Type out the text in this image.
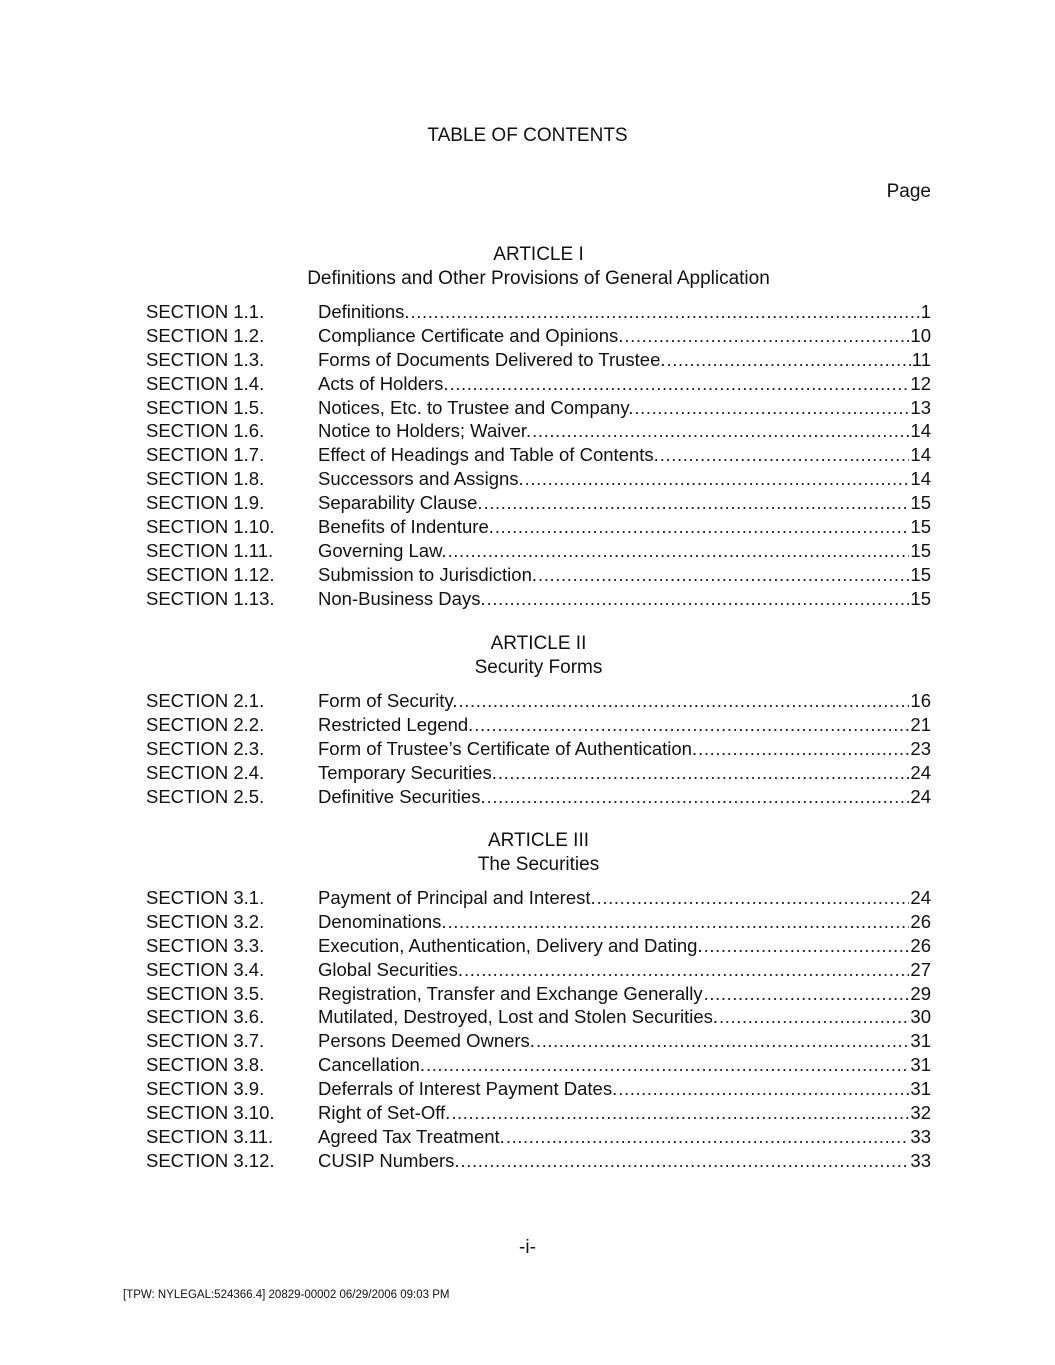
TABLE OF CONTENTS
Page
ARTICLE I
Definitions and Other Provisions of General Application
SECTION 1.1.	Definitions. .....	1
SECTION 1.2.	Compliance Certificate and Opinions. .....	10
SECTION 1.3.	Forms of Documents Delivered to Trustee. .....	11
SECTION 1.4.	Acts of Holders. .....	12
SECTION 1.5.	Notices, Etc. to Trustee and Company. .....	13
SECTION 1.6.	Notice to Holders; Waiver. .....	14
SECTION 1.7.	Effect of Headings and Table of Contents. .....	14
SECTION 1.8.	Successors and Assigns. .....	14
SECTION 1.9.	Separability Clause. .....	15
SECTION 1.10.	Benefits of Indenture. .....	15
SECTION 1.11.	Governing Law. .....	15
SECTION 1.12.	Submission to Jurisdiction. .....	15
SECTION 1.13.	Non-Business Days. .....	15
ARTICLE II
Security Forms
SECTION 2.1.	Form of Security. .....	16
SECTION 2.2.	Restricted Legend. .....	21
SECTION 2.3.	Form of Trustee’s Certificate of Authentication. .....	23
SECTION 2.4.	Temporary Securities. .....	24
SECTION 2.5.	Definitive Securities. .....	24
ARTICLE III
The Securities
SECTION 3.1.	Payment of Principal and Interest. .....	24
SECTION 3.2.	Denominations. .....	26
SECTION 3.3.	Execution, Authentication, Delivery and Dating. .....	26
SECTION 3.4.	Global Securities. .....	27
SECTION 3.5.	Registration, Transfer and Exchange Generally .....	29
SECTION 3.6.	Mutilated, Destroyed, Lost and Stolen Securities. .....	30
SECTION 3.7.	Persons Deemed Owners. .....	31
SECTION 3.8.	Cancellation. .....	31
SECTION 3.9.	Deferrals of Interest Payment Dates. .....	31
SECTION 3.10.	Right of Set-Off. .....	32
SECTION 3.11.	Agreed Tax Treatment. .....	33
SECTION 3.12.	CUSIP Numbers. .....	33
-i-
[TPW: NYLEGAL:524366.4] 20829-00002 06/29/2006 09:03 PM
